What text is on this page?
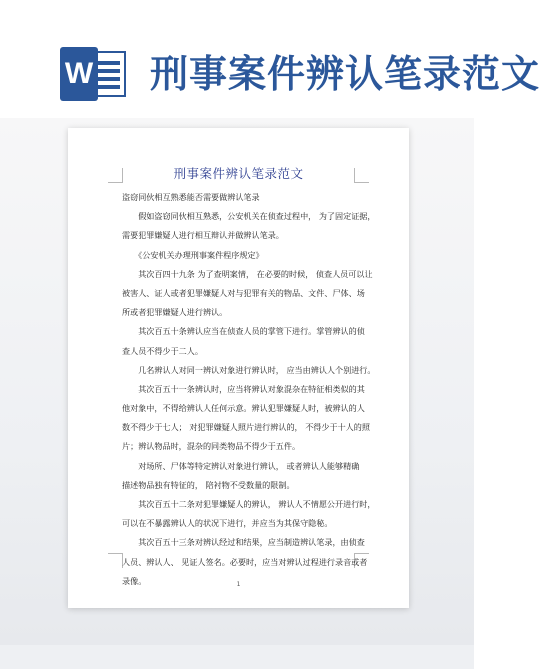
W 刑事案件辨认笔录范文
刑事案件辨认笔录范文
盗窃同伙相互熟悉能否需要做辨认笔录
　　假如盗窃同伙相互熟悉，公安机关在侦查过程中， 为了固定证据，
需要犯罪嫌疑人进行相互辩认并做辨认笔录。
　　《公安机关办理刑事案件程序规定》
　　其次百四十九条 为了查明案情， 在必要的时候， 侦查人员可以让
被害人、证人或者犯罪嫌疑人对与犯罪有关的物品、文件、尸体、场
所或者犯罪嫌疑人进行辨认。
　　其次百五十条辨认应当在侦查人员的掌管下进行。掌管辨认的侦
查人员不得少于二人。
　　几名辨认人对同一辨认对象进行辨认时， 应当由辨认人个别进行。
　　其次百五十一条辨认时，应当将辨认对象混杂在特征相类似的其
他对象中，不得给辨认人任何示意。辨认犯罪嫌疑人时，被辨认的人
数不得少于七人； 对犯罪嫌疑人照片进行辨认的， 不得少于十人的照
片；辨认物品时，混杂的同类物品不得少于五件。
　　对场所、尸体等特定辨认对象进行辨认， 或者辨认人能够精确
描述物品独有特征的， 陪衬物不受数量的限制。
　　其次百五十二条对犯罪嫌疑人的辨认， 辨认人不情愿公开进行时，
可以在不暴露辨认人的状况下进行，并应当为其保守隐秘。
　　其次百五十三条对辨认经过和结果，应当制造辨认笔录，由侦查
人员、辨认人、 见证人签名。必要时，应当对辨认过程进行录音或者
录像。	1
